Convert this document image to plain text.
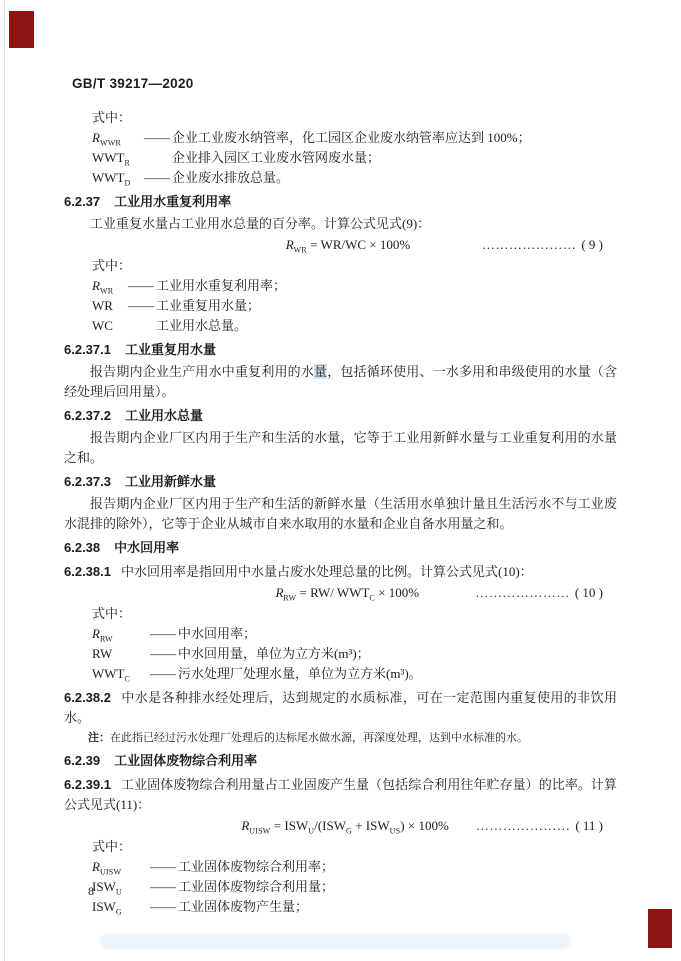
GB/T 39217—2020
式中：
$R_{WWR}$	—— 企业工业废水纳管率，化工园区企业废水纳管率应达到 100%；
$WWT_R$	企业排入园区工业废水管网废水量；
$WWT_D$	—— 企业废水排放总量。
6.2.37 工业用水重复利用率
工业重复水量占工业用水总量的百分率。计算公式见式(9)：
$R_{WR} = WR/WC \times 100\%$	………………… ( 9 )
式中：
$R_{WR}$	—— 工业用水重复利用率；
WR	—— 工业重复用水量；
WC	工业用水总量。
6.2.37.1 工业重复用水量
报告期内企业生产用水中重复利用的水量，包括循环使用、一水多用和串级使用的水量（含经处理后回用量）。
6.2.37.2 工业用水总量
报告期内企业厂区内用于生产和生活的水量，它等于工业用新鲜水量与工业重复利用的水量之和。
6.2.37.3 工业用新鲜水量
报告期内企业厂区内用于生产和生活的新鲜水量（生活用水单独计量且生活污水不与工业废水混排的除外），它等于企业从城市自来水取用的水量和企业自备水用量之和。
6.2.38 中水回用率
6.2.38.1 中水回用率是指回用中水量占废水处理总量的比例。计算公式见式(10)：
$R_{RW} = RW/$ $WWT_C \times 100\%$	………………… ( 10 )
式中：
$R_{RW}$	—— 中水回用率；
RW	—— 中水回用量，单位为立方米(m³)；
$WWT_C$	—— 污水处理厂处理水量，单位为立方米(m³)。
6.2.38.2 中水是各种排水经处理后，达到规定的水质标准，可在一定范围内重复使用的非饮用水。
注：在此指已经过污水处理厂处理后的达标尾水做水源，再深度处理，达到中水标准的水。
6.2.39 工业固体废物综合利用率
6.2.39.1 工业固体废物综合利用量占工业固废产生量（包括综合利用往年贮存量）的比率。计算公式见式(11)：
$R_{UISW} = ISW_U/(ISW_G + ISW_{US}) \times 100\%$	………………… ( 11 )
式中：
$R_{UISW}$	—— 工业固体废物综合利用率；
$ISW_U$	—— 工业固体废物综合利用量；
$ISW_G$	—— 工业固体废物产生量；
8
